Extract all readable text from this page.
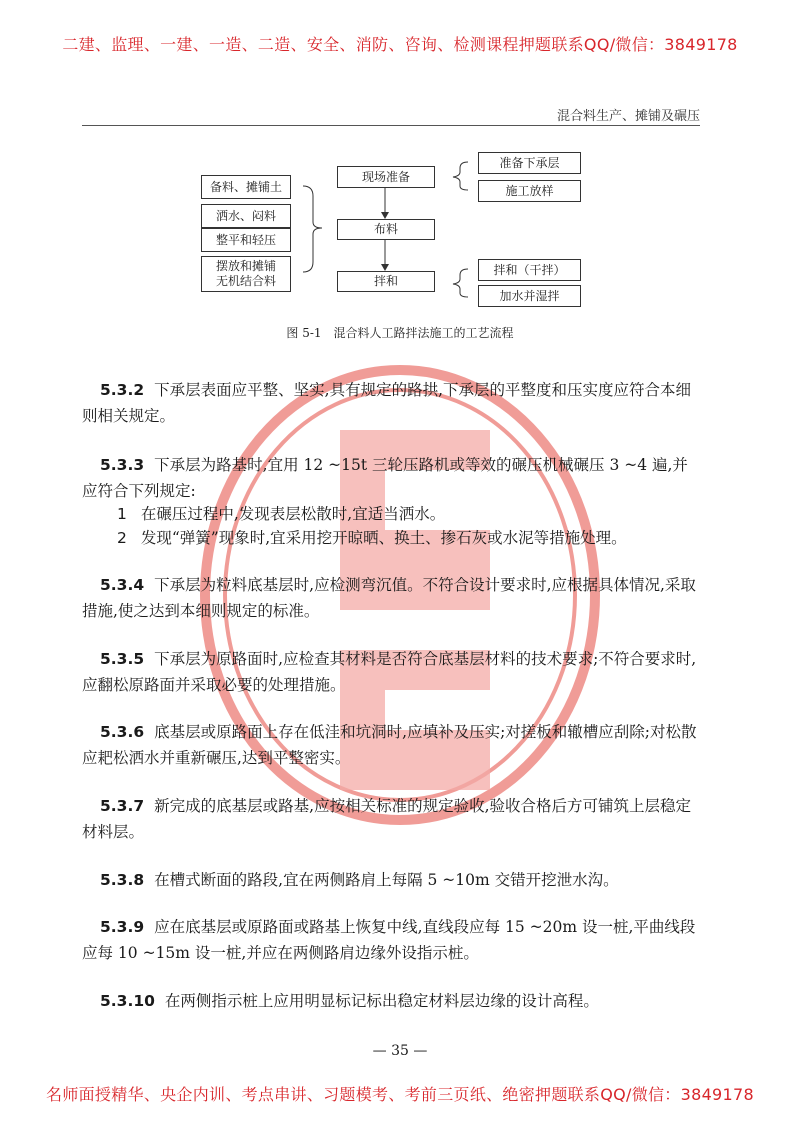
二建、监理、一建、一造、二造、安全、消防、咨询、检测课程押题联系QQ/微信：3849178
混合料生产、摊铺及碾压
备料、摊铺土
洒水、闷料
整平和轻压
摆放和摊铺
无机结合料
现场准备
布料
拌和
准备下承层
施工放样
拌和（干拌）
加水并湿拌
图 5-1　混合料人工路拌法施工的工艺流程
5.3.2 下承层表面应平整、坚实,具有规定的路拱,下承层的平整度和压实度应符合本细则相关规定。
5.3.3 下承层为路基时,宜用 12 ~15t 三轮压路机或等效的碾压机械碾压 3 ~4 遍,并应符合下列规定:
1 在碾压过程中,发现表层松散时,宜适当洒水。
2 发现“弹簧”现象时,宜采用挖开晾晒、换土、掺石灰或水泥等措施处理。
5.3.4 下承层为粒料底基层时,应检测弯沉值。不符合设计要求时,应根据具体情况,采取措施,使之达到本细则规定的标准。
5.3.5 下承层为原路面时,应检查其材料是否符合底基层材料的技术要求;不符合要求时,应翻松原路面并采取必要的处理措施。
5.3.6 底基层或原路面上存在低洼和坑洞时,应填补及压实;对搓板和辙槽应刮除;对松散应耙松洒水并重新碾压,达到平整密实。
5.3.7 新完成的底基层或路基,应按相关标准的规定验收,验收合格后方可铺筑上层稳定材料层。
5.3.8 在槽式断面的路段,宜在两侧路肩上每隔 5 ~10m 交错开挖泄水沟。
5.3.9 应在底基层或原路面或路基上恢复中线,直线段应每 15 ~20m 设一桩,平曲线段应每 10 ~15m 设一桩,并应在两侧路肩边缘外设指示桩。
5.3.10 在两侧指示桩上应用明显标记标出稳定材料层边缘的设计高程。
— 35 —
名师面授精华、央企内训、考点串讲、习题模考、考前三页纸、绝密押题联系QQ/微信：3849178
